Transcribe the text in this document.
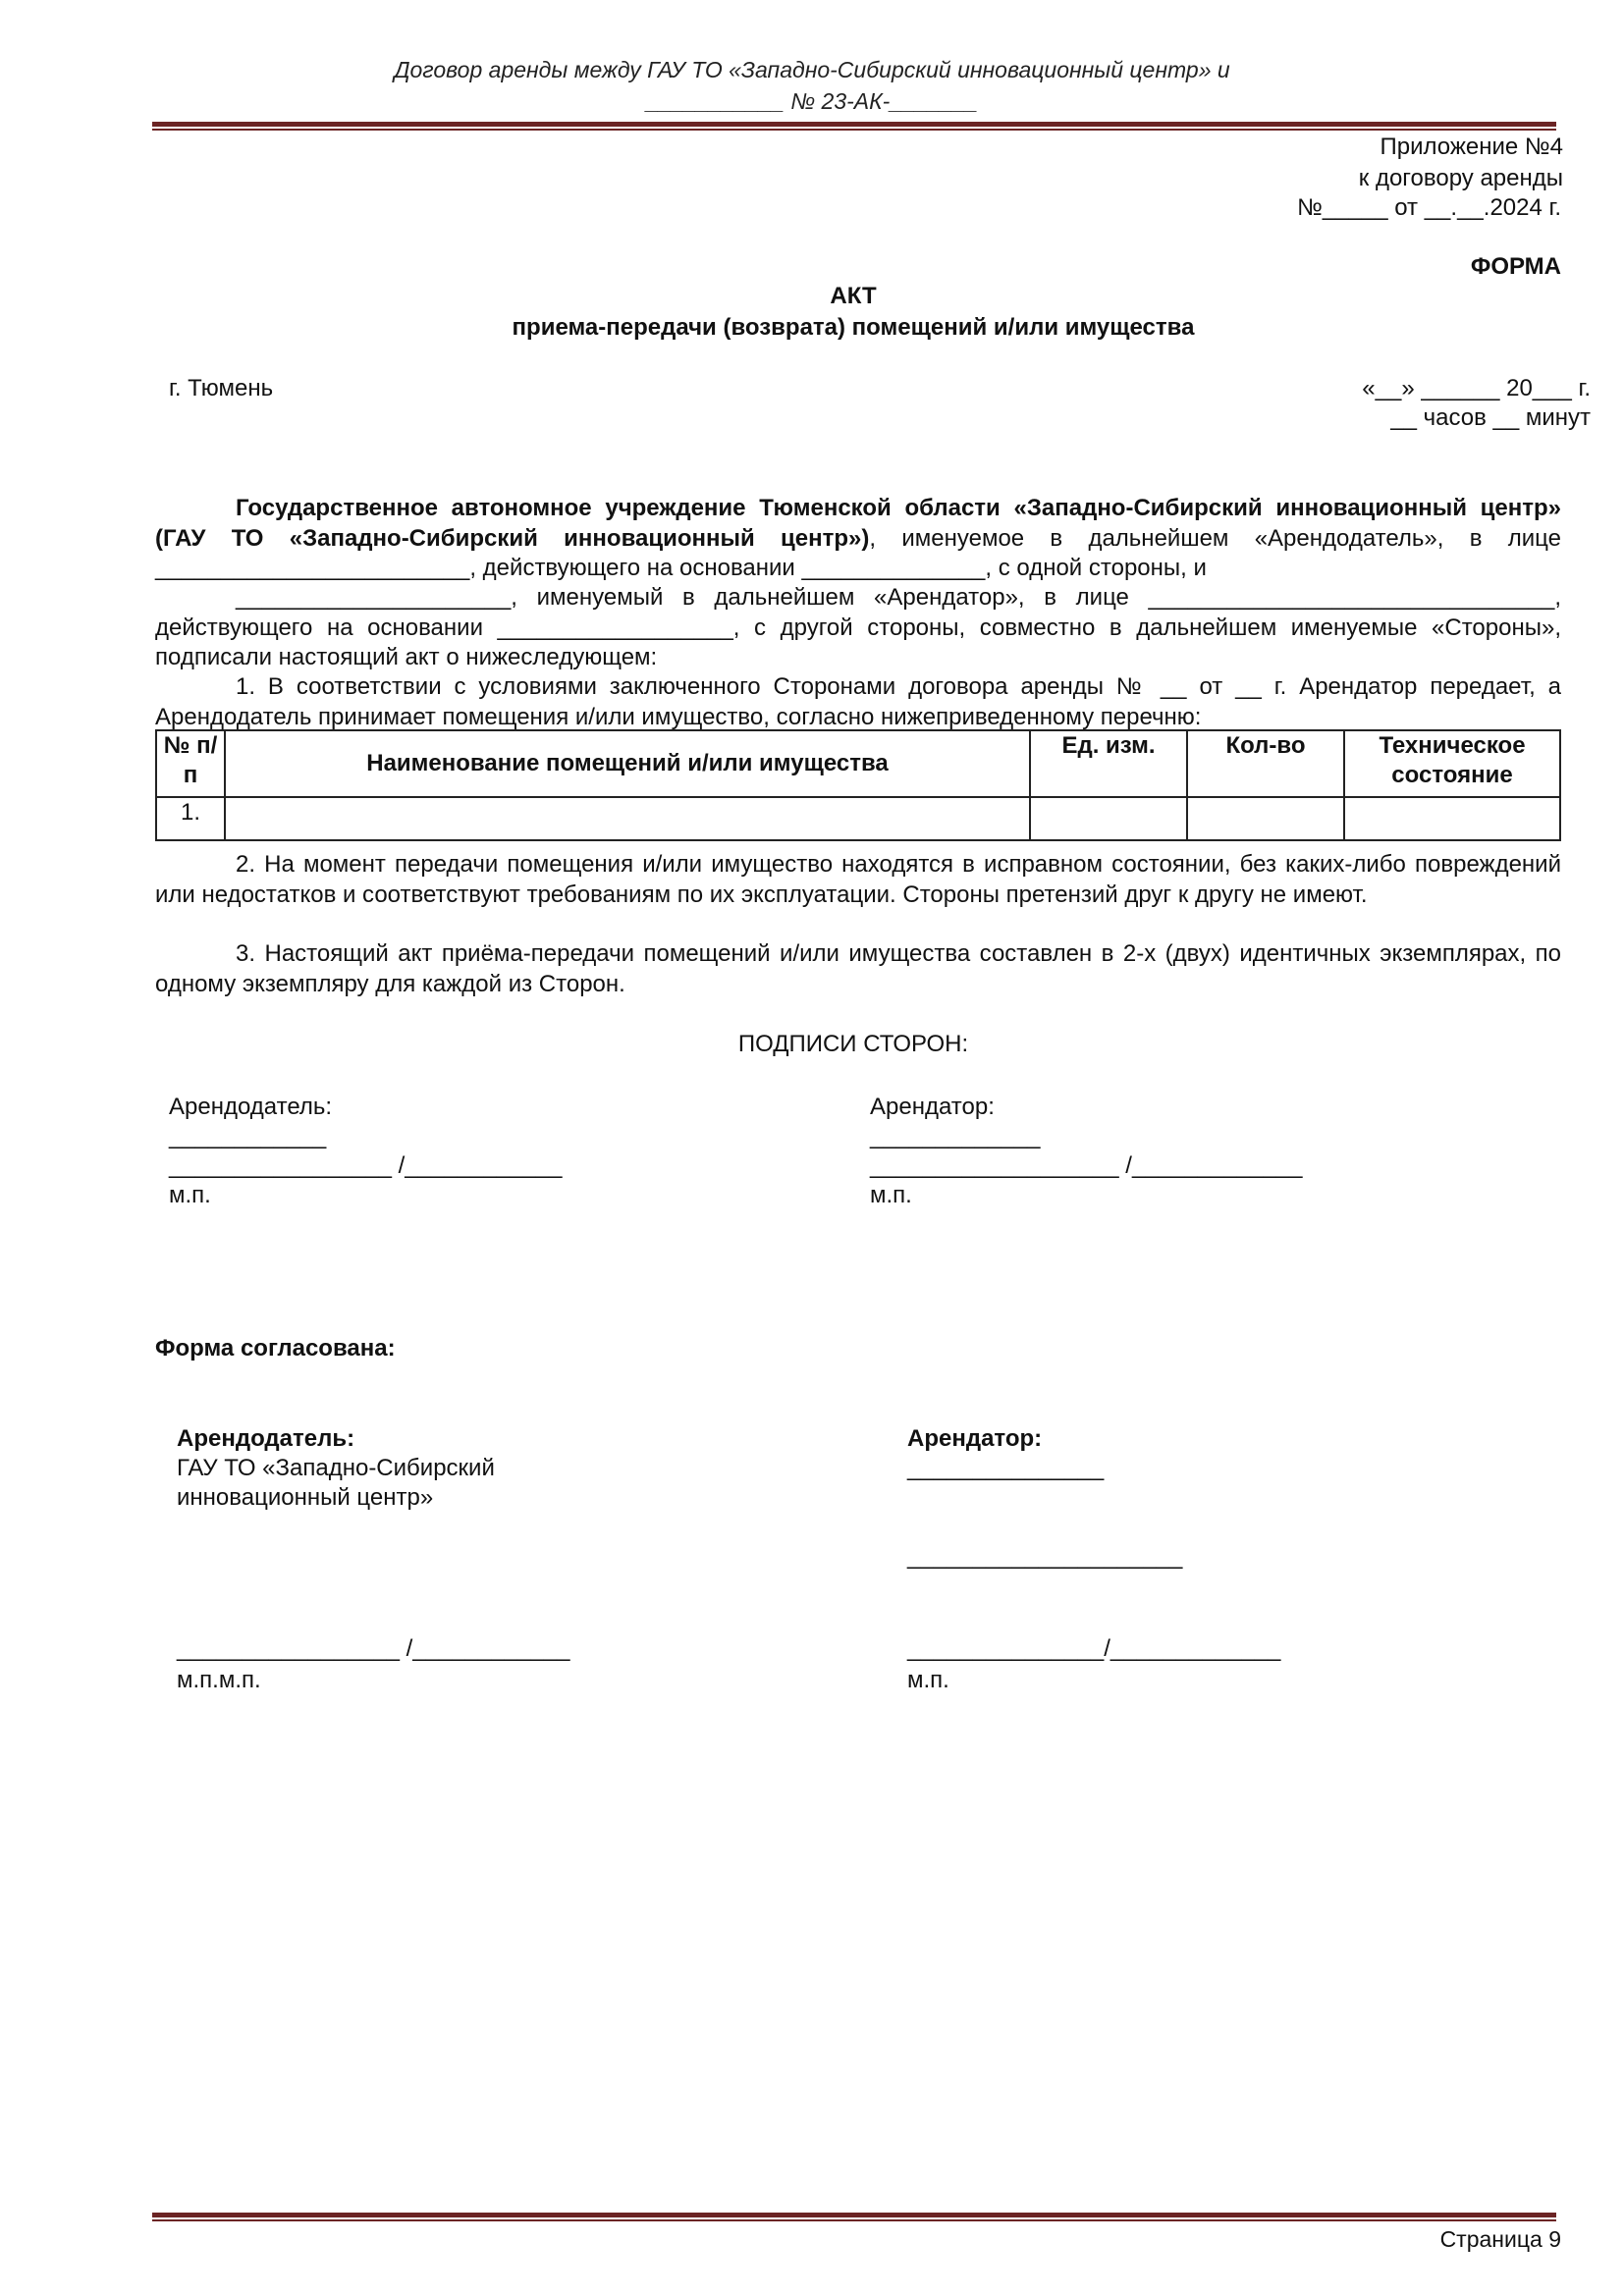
Договор аренды между ГАУ ТО «Западно-Сибирский инновационный центр» и
___________ № 23-АК-_______
Приложение №4
к договору аренды
№_____ от __.__.2024 г.
ФОРМА
АКТ
приема-передачи (возврата) помещений и/или имущества
г. Тюмень	«__» ______ 20___ г.
__ часов __ минут
Государственное автономное учреждение Тюменской области «Западно-Сибирский инновационный центр» (ГАУ ТО «Западно-Сибирский инновационный центр»), именуемое в дальнейшем «Арендодатель», в лице ________________________, действующего на основании ______________, с одной стороны, и
_____________________, именуемый в дальнейшем «Арендатор», в лице _______________________________, действующего на основании __________________, с другой стороны, совместно в дальнейшем именуемые «Стороны», подписали настоящий акт о нижеследующем:
1. В соответствии с условиями заключенного Сторонами договора аренды № __ от __ г. Арендатор передает, а Арендодатель принимает помещения и/или имущество, согласно нижеприведенному перечню:
№ п/п	Наименование помещений и/или имущества	Ед. изм.	Кол-во	Техническое состояние
1.				
2. На момент передачи помещения и/или имущество находятся в исправном состоянии, без каких-либо повреждений или недостатков и соответствуют требованиям по их эксплуатации. Стороны претензий друг к другу не имеют.
3. Настоящий акт приёма-передачи помещений и/или имущества составлен в 2-х (двух) идентичных экземплярах, по одному экземпляру для каждой из Сторон.
ПОДПИСИ СТОРОН:
Арендодатель:
____________
_________________ /____________
м.п.
Арендатор:
_____________
___________________ /_____________
м.п.
Форма согласована:
Арендодатель:
ГАУ ТО «Западно-Сибирский
инновационный центр»
_________________ /____________
м.п.м.п.
Арендатор:
_______________
_____________________
_______________/_____________
м.п.
Страница 9
